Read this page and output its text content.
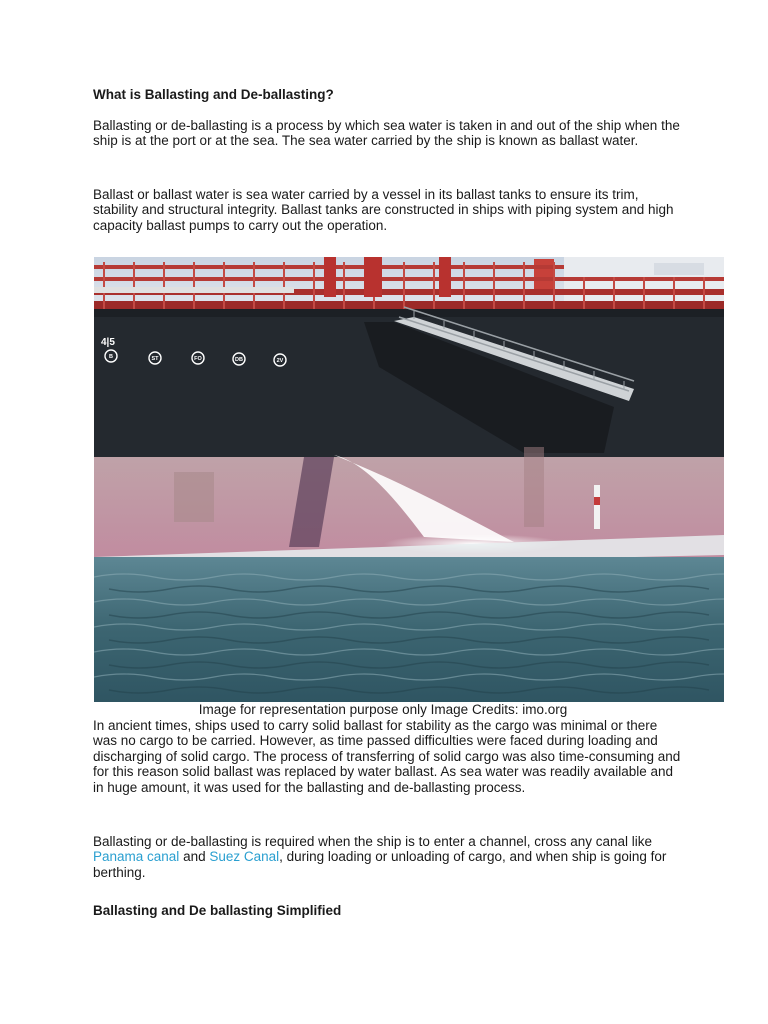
What is Ballasting and De-ballasting?

Ballasting or de-ballasting is a process by which sea water is taken in and out of the ship when the ship is at the port or at the sea. The sea water carried by the ship is known as ballast water.

Ballast or ballast water is sea water carried by a vessel in its ballast tanks to ensure its trim, stability and structural integrity. Ballast tanks are constructed in ships with piping system and high capacity ballast pumps to carry out the operation.

4|5
B	ST	FO	DB	2V
Image for representation purpose only Image Credits: imo.org

In ancient times, ships used to carry solid ballast for stability as the cargo was minimal or there was no cargo to be carried. However, as time passed difficulties were faced during loading and discharging of solid cargo. The process of transferring of solid cargo was also time-consuming and for this reason solid ballast was replaced by water ballast. As sea water was readily available and in huge amount, it was used for the ballasting and de-ballasting process.

Ballasting or de-ballasting is required when the ship is to enter a channel, cross any canal like Panama canal and Suez Canal, during loading or unloading of cargo, and when ship is going for berthing.

Ballasting and De ballasting Simplified
